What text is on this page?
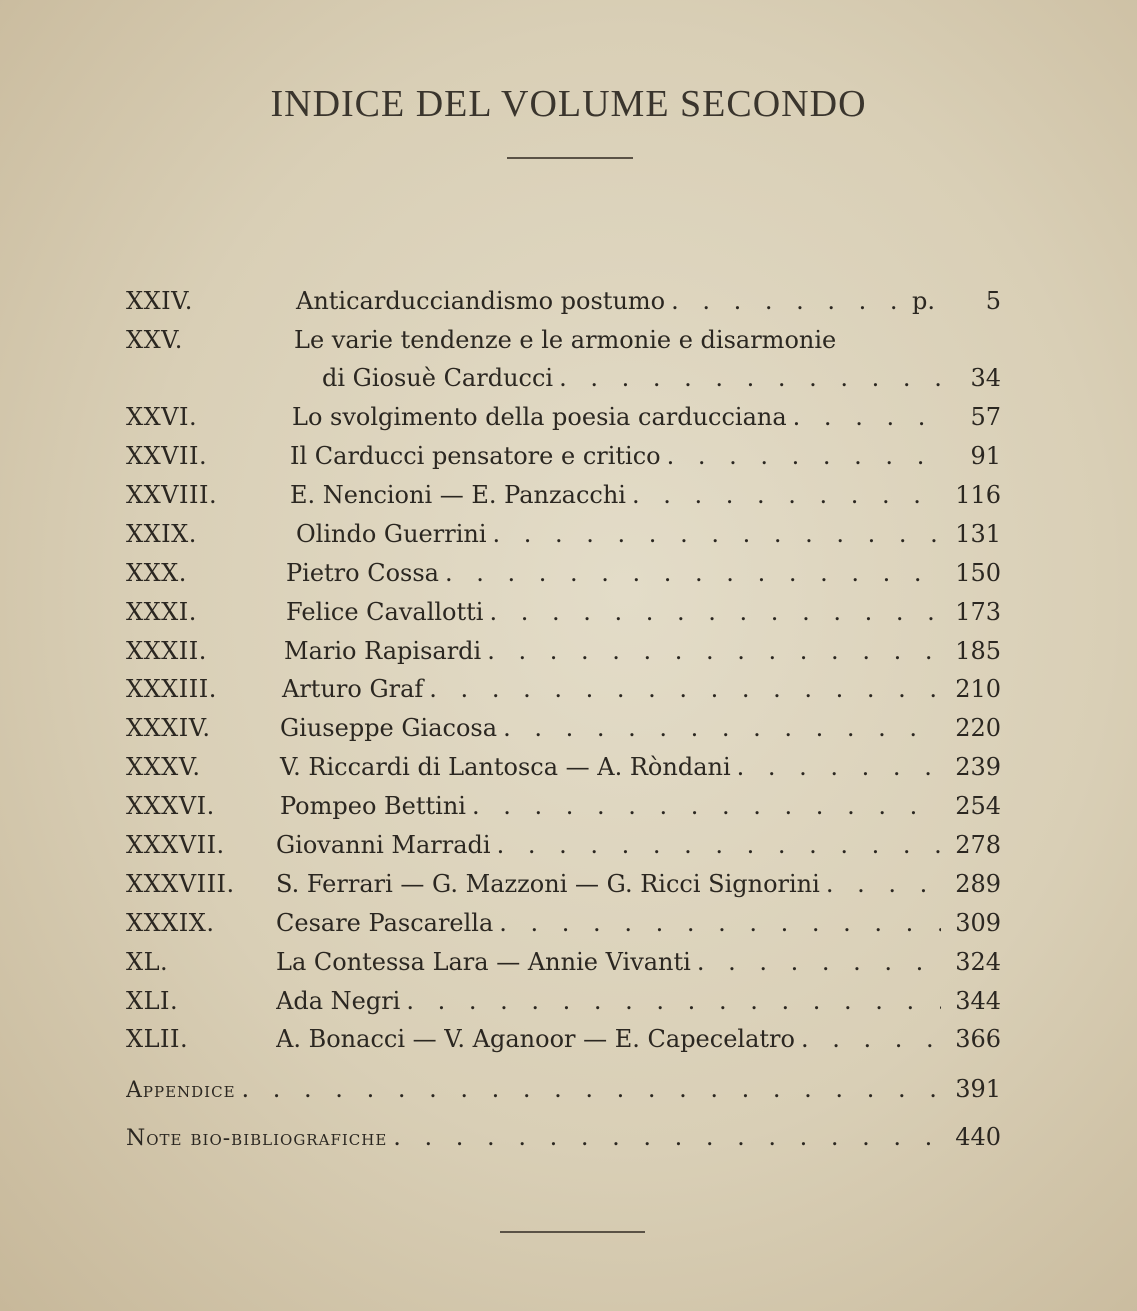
INDICE DEL VOLUME SECONDO
XXIV.	Anticarducciandismo postumo . . .	p.	5
XXV.	Le varie tendenze e le armonie e disarmonie
di Giosuè Carducci . . .	34
XXVI.	Lo svolgimento della poesia carducciana . . .	57
XXVII.	Il Carducci pensatore e critico . . .	91
XXVIII.	E. Nencioni — E. Panzacchi . . .	116
XXIX.	Olindo Guerrini . . .	131
XXX.	Pietro Cossa . . .	150
XXXI.	Felice Cavallotti . . .	173
XXXII.	Mario Rapisardi . . .	185
XXXIII.	Arturo Graf . . .	210
XXXIV.	Giuseppe Giacosa . . .	220
XXXV.	V. Riccardi di Lantosca — A. Ròndani . . .	239
XXXVI.	Pompeo Bettini . . .	254
XXXVII.	Giovanni Marradi . . .	278
XXXVIII.	S. Ferrari — G. Mazzoni — G. Ricci Signorini . . .	289
XXXIX.	Cesare Pascarella . . .	309
XL.	La Contessa Lara — Annie Vivanti . . .	324
XLI.	Ada Negri . . .	344
XLII.	A. Bonacci — V. Aganoor — E. Capecelatro . . .	366
Appendice . . .	391
Note bio-bibliografiche . . .	440
